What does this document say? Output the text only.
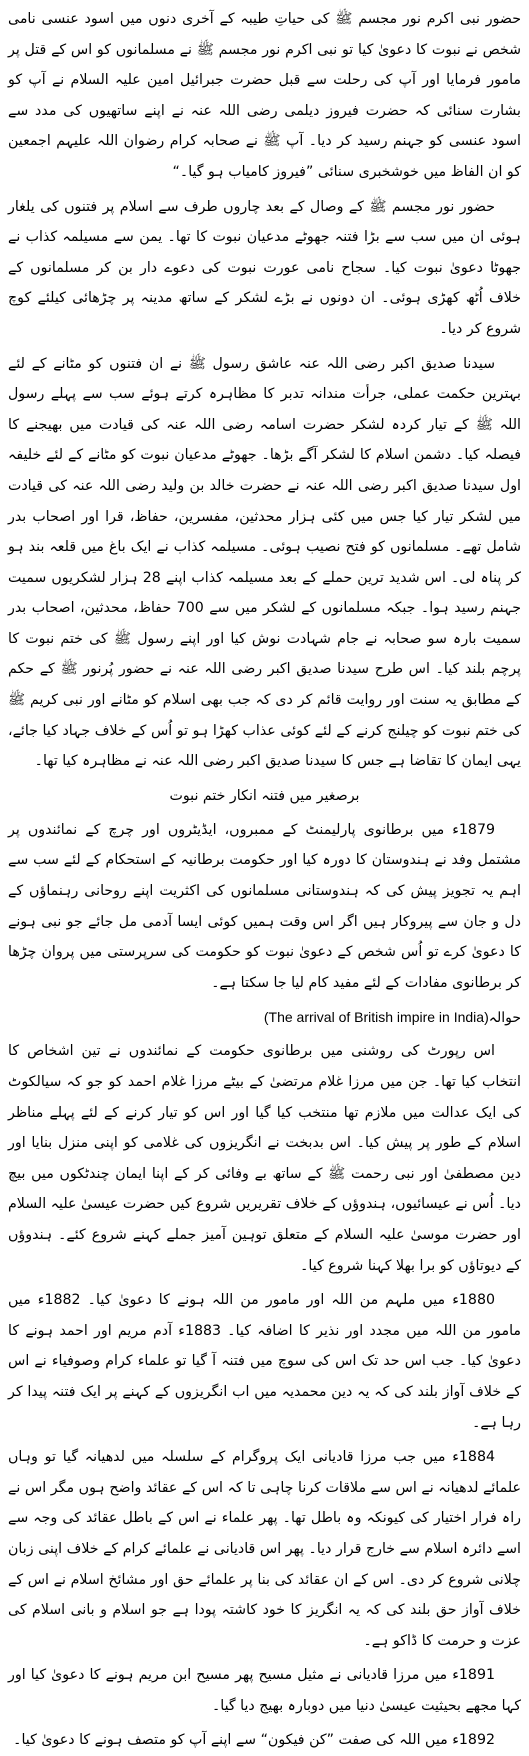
حضور نبی اکرم نور مجسم ﷺ کی حیاتِ طیبہ کے آخری دنوں میں اسود عنسی نامی شخص نے نبوت کا دعویٰ کیا تو نبی اکرم نور مجسم ﷺ نے مسلمانوں کو اس کے قتل پر مامور فرمایا اور آپ کی رحلت سے قبل حضرت جبرائیل امین علیہ السلام نے آپ کو بشارت سنائی کہ حضرت فیروز دیلمی رضی اللہ عنہ نے اپنے ساتھیوں کی مدد سے اسود عنسی کو جہنم رسید کر دیا۔ آپ ﷺ نے صحابہ کرام رضوان اللہ علیہم اجمعین کو ان الفاظ میں خوشخبری سنائی ”فیروز کامیاب ہو گیا۔“

حضور نور مجسم ﷺ کے وصال کے بعد چاروں طرف سے اسلام پر فتنوں کی یلغار ہوئی ان میں سب سے بڑا فتنہ جھوٹے مدعیان نبوت کا تھا۔ یمن سے مسیلمہ کذاب نے جھوٹا دعویٰ نبوت کیا۔ سجاح نامی عورت نبوت کی دعوے دار بن کر مسلمانوں کے خلاف اُٹھ کھڑی ہوئی۔ ان دونوں نے بڑے لشکر کے ساتھ مدینہ پر چڑھائی کیلئے کوچ شروع کر دیا۔

سیدنا صدیق اکبر رضی اللہ عنہ عاشق رسول ﷺ نے ان فتنوں کو مٹانے کے لئے بہترین حکمت عملی، جرأت مندانہ تدبر کا مظاہرہ کرتے ہوئے سب سے پہلے رسول اللہ ﷺ کے تیار کردہ لشکر حضرت اسامہ رضی اللہ عنہ کی قیادت میں بھیجنے کا فیصلہ کیا۔ دشمن اسلام کا لشکر آگے بڑھا۔ جھوٹے مدعیان نبوت کو مٹانے کے لئے خلیفہ اول سیدنا صدیق اکبر رضی اللہ عنہ نے حضرت خالد بن ولید رضی اللہ عنہ کی قیادت میں لشکر تیار کیا جس میں کئی ہزار محدثین، مفسرین، حفاظ، قرا اور اصحاب بدر شامل تھے۔ مسلمانوں کو فتح نصیب ہوئی۔ مسیلمہ کذاب نے ایک باغ میں قلعہ بند ہو کر پناہ لی۔ اس شدید ترین حملے کے بعد مسیلمہ کذاب اپنے 28 ہزار لشکریوں سمیت جہنم رسید ہوا۔ جبکہ مسلمانوں کے لشکر میں سے 700 حفاظ، محدثین، اصحاب بدر سمیت بارہ سو صحابہ نے جام شہادت نوش کیا اور اپنے رسول ﷺ کی ختم نبوت کا پرچم بلند کیا۔ اس طرح سیدنا صدیق اکبر رضی اللہ عنہ نے حضور پُرنور ﷺ کے حکم کے مطابق یہ سنت اور روایت قائم کر دی کہ جب بھی اسلام کو مٹانے اور نبی کریم ﷺ کی ختم نبوت کو چیلنج کرنے کے لئے کوئی عذاب کھڑا ہو تو اُس کے خلاف جہاد کیا جائے، یہی ایمان کا تقاضا ہے جس کا سیدنا صدیق اکبر رضی اللہ عنہ نے مظاہرہ کیا تھا۔

برصغیر میں فتنہ انکار ختم نبوت

1879ء میں برطانوی پارلیمنٹ کے ممبروں، ایڈیٹروں اور چرچ کے نمائندوں پر مشتمل وفد نے ہندوستان کا دورہ کیا اور حکومت برطانیہ کے استحکام کے لئے سب سے اہم یہ تجویز پیش کی کہ ہندوستانی مسلمانوں کی اکثریت اپنے روحانی رہنماؤں کے دل و جان سے پیروکار ہیں اگر اس وقت ہمیں کوئی ایسا آدمی مل جائے جو نبی ہونے کا دعویٰ کرے تو اُس شخص کے دعویٰ نبوت کو حکومت کی سرپرستی میں پروان چڑھا کر برطانوی مفادات کے لئے مفید کام لیا جا سکتا ہے۔

حوالہ(The arrival of British impire in India)

اس رپورٹ کی روشنی میں برطانوی حکومت کے نمائندوں نے تین اشخاص کا انتخاب کیا تھا۔ جن میں مرزا غلام مرتضیٰ کے بیٹے مرزا غلام احمد کو جو کہ سیالکوٹ کی ایک عدالت میں ملازم تھا منتخب کیا گیا اور اس کو تیار کرنے کے لئے پہلے مناظر اسلام کے طور پر پیش کیا۔ اس بدبخت نے انگریزوں کی غلامی کو اپنی منزل بنایا اور دین مصطفیٰ اور نبی رحمت ﷺ کے ساتھ بے وفائی کر کے اپنا ایمان چندٹکوں میں بیچ دیا۔ اُس نے عیسائیوں، ہندوؤں کے خلاف تقریریں شروع کیں حضرت عیسیٰ علیہ السلام اور حضرت موسیٰ علیہ السلام کے متعلق توہین آمیز جملے کہنے شروع کئے۔ ہندوؤں کے دیوتاؤں کو برا بھلا کہنا شروع کیا۔

1880ء میں ملہم من اللہ اور مامور من اللہ ہونے کا دعویٰ کیا۔ 1882ء میں مامور من اللہ میں مجدد اور نذیر کا اضافہ کیا۔ 1883ء آدم مریم اور احمد ہونے کا دعویٰ کیا۔ جب اس حد تک اس کی سوچ میں فتنہ آ گیا تو علماء کرام وصوفیاء نے اس کے خلاف آواز بلند کی کہ یہ دین محمدیہ میں اب انگریزوں کے کہنے پر ایک فتنہ پیدا کر رہا ہے۔

1884ء میں جب مرزا قادیانی ایک پروگرام کے سلسلہ میں لدھیانہ گیا تو وہاں علمائے لدھیانہ نے اس سے ملاقات کرنا چاہی تا کہ اس کے عقائد واضح ہوں مگر اس نے راہ فرار اختیار کی کیونکہ وہ باطل تھا۔ پھر علماء نے اس کے باطل عقائد کی وجہ سے اسے دائرہ اسلام سے خارج قرار دیا۔ پھر اس قادیانی نے علمائے کرام کے خلاف اپنی زبان چلانی شروع کر دی۔ اس کے ان عقائد کی بنا پر علمائے حق اور مشائخ اسلام نے اس کے خلاف آواز حق بلند کی کہ یہ انگریز کا خود کاشتہ پودا ہے جو اسلام و بانی اسلام کی عزت و حرمت کا ڈاکو ہے۔

1891ء میں مرزا قادیانی نے مثیل مسیح پھر مسیح ابن مریم ہونے کا دعویٰ کیا اور کہا مجھے بحیثیت عیسیٰ دنیا میں دوبارہ بھیج دیا گیا۔

1892ء میں اللہ کی صفت ”کن فیکون“ سے اپنے آپ کو متصف ہونے کا دعویٰ کیا۔
